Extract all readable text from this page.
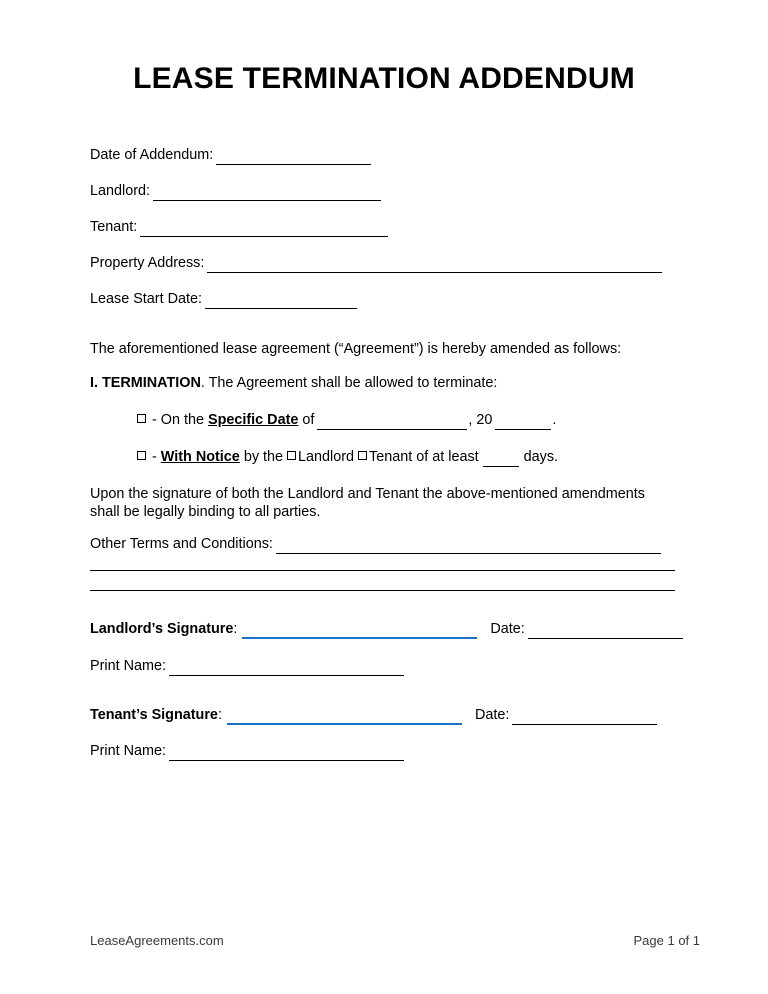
LEASE TERMINATION ADDENDUM
Date of Addendum:
Landlord:
Tenant:
Property Address:
Lease Start Date:
The aforementioned lease agreement (“Agreement”) is hereby amended as follows:
I. TERMINATION. The Agreement shall be allowed to terminate:
- On the Specific Date of	, 20	.
- With Notice by the Landlord Tenant of at least	days.
Upon the signature of both the Landlord and Tenant the above-mentioned amendments
shall be legally binding to all parties.
Other Terms and Conditions:
Landlord’s Signature:	Date:
Print Name:
Tenant’s Signature:	Date:
Print Name:
LeaseAgreements.com	Page 1 of 1
